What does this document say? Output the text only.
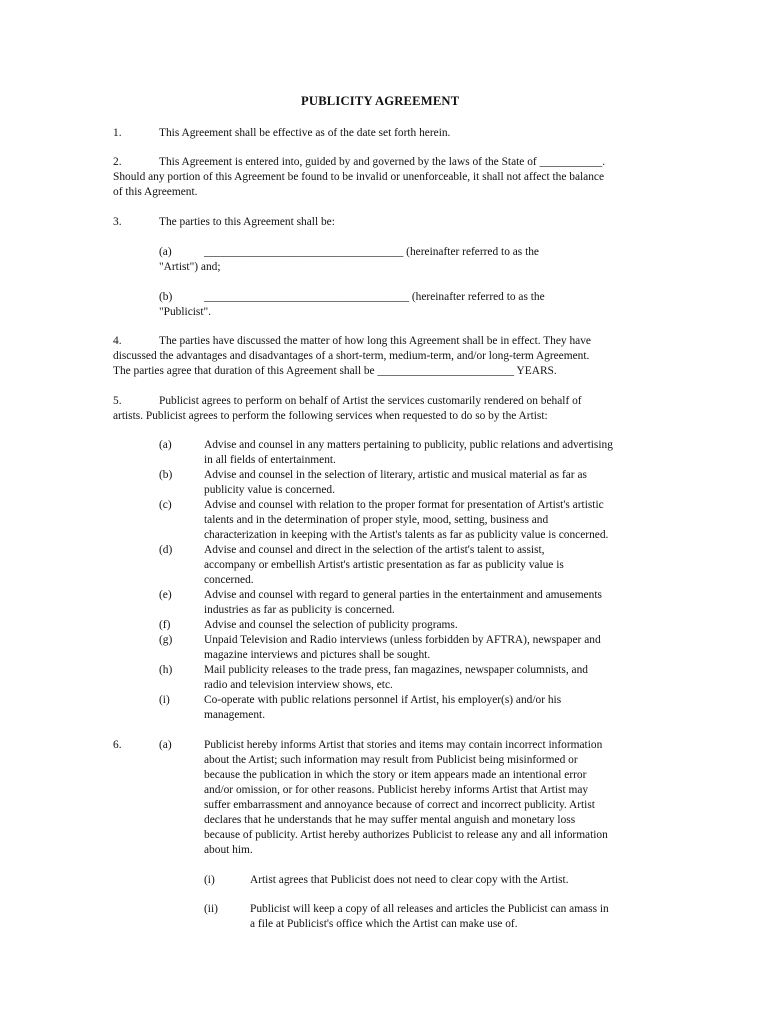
PUBLICITY AGREEMENT
1.	This Agreement shall be effective as of the date set forth herein.
2.	This Agreement is entered into, guided by and governed by the laws of the State of ___________.
Should any portion of this Agreement be found to be invalid or unenforceable, it shall not affect the balance
of this Agreement.
3.	The parties to this Agreement shall be:
(a)	___________________________________ (hereinafter referred to as the
"Artist") and;
(b)	____________________________________ (hereinafter referred to as the
"Publicist".
4.	The parties have discussed the matter of how long this Agreement shall be in effect. They have
discussed the advantages and disadvantages of a short-term, medium-term, and/or long-term Agreement.
The parties agree that duration of this Agreement shall be ________________________ YEARS.
5.	Publicist agrees to perform on behalf of Artist the services customarily rendered on behalf of
artists. Publicist agrees to perform the following services when requested to do so by the Artist:
(a)	Advise and counsel in any matters pertaining to publicity, public relations and advertising
in all fields of entertainment.
(b)	Advise and counsel in the selection of literary, artistic and musical material as far as
publicity value is concerned.
(c)	Advise and counsel with relation to the proper format for presentation of Artist's artistic
talents and in the determination of proper style, mood, setting, business and
characterization in keeping with the Artist's talents as far as publicity value is concerned.
(d)	Advise and counsel and direct in the selection of the artist's talent to assist,
accompany or embellish Artist's artistic presentation as far as publicity value is
concerned.
(e)	Advise and counsel with regard to general parties in the entertainment and amusements
industries as far as publicity is concerned.
(f)	Advise and counsel the selection of publicity programs.
(g)	Unpaid Television and Radio interviews (unless forbidden by AFTRA), newspaper and
magazine interviews and pictures shall be sought.
(h)	Mail publicity releases to the trade press, fan magazines, newspaper columnists, and
radio and television interview shows, etc.
(i)	Co-operate with public relations personnel if Artist, his employer(s) and/or his
management.
6.	(a)	Publicist hereby informs Artist that stories and items may contain incorrect information
about the Artist; such information may result from Publicist being misinformed or
because the publication in which the story or item appears made an intentional error
and/or omission, or for other reasons. Publicist hereby informs Artist that Artist may
suffer embarrassment and annoyance because of correct and incorrect publicity. Artist
declares that he understands that he may suffer mental anguish and monetary loss
because of publicity. Artist hereby authorizes Publicist to release any and all information
about him.
(i)	Artist agrees that Publicist does not need to clear copy with the Artist.
(ii)	Publicist will keep a copy of all releases and articles the Publicist can amass in
a file at Publicist's office which the Artist can make use of.
